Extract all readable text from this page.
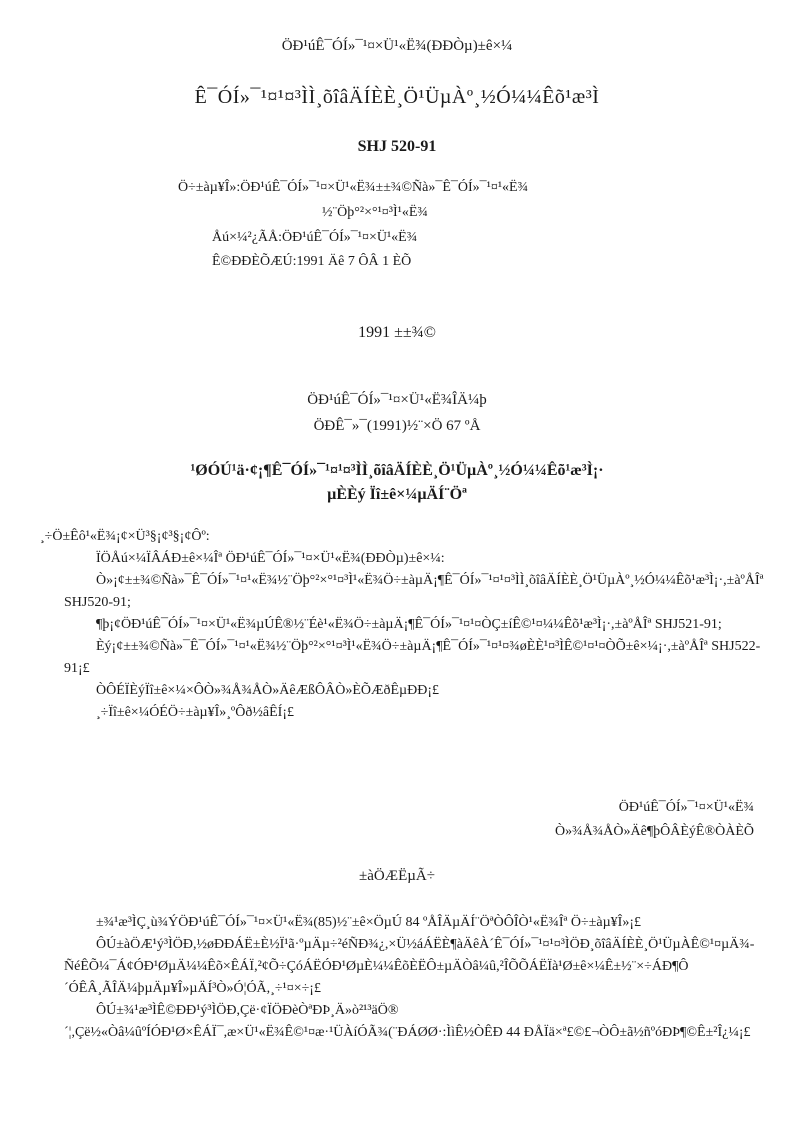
ÖÐ¹úÊ¯ÓÍ»¯¹¤×Ü¹«Ë¾(ÐÐÒµ)±ê×¼
Ê¯ÓÍ»¯¹¤¹¤³ÌÌ¸õîâÄÍÈÈ¸Ö¹ÜµÀº¸½Ó¼¼Êõ¹æ³Ì
SHJ 520-91
Ö÷±àµ¥Î»:ÖÐ¹úÊ¯ÓÍ»¯¹¤×Ü¹«Ë¾±±¾©Ñà»¯Ê¯ÓÍ»¯¹¤¹«Ë¾
½¨Öþ°²×°¹¤³Ì¹«Ë¾
Åú×¼²¿ÃÅ:ÖÐ¹úÊ¯ÓÍ»¯¹¤×Ü¹«Ë¾
Ê©ÐÐÈÕÆÚ:1991 Äê 7 ÔÂ 1 ÈÕ
1991 ±±¾©
ÖÐ¹úÊ¯ÓÍ»¯¹¤×Ü¹«Ë¾ÎÄ¼þ
ÖÐÊ¯»¯(1991)½¨×Ö 67 ºÅ
¹ØÓÚ¹ä·¢¡¶Ê¯ÓÍ»¯¹¤¹¤³ÌÌ¸õîâÄÍÈÈ¸Ö¹ÜµÀº¸½Ó¼¼Êõ¹æ³Ì¡·
µÈÈý Ïî±ê×¼µÄÍ¨Öª

¸÷Ö±Êô¹«Ë¾¡¢×Ü³§¡¢³§¡¢Ôº:

ÏÖÅú×¼ÏÂÁÐ±ê×¼Îª ÖÐ¹úÊ¯ÓÍ»¯¹¤×Ü¹«Ë¾(ÐÐÒµ)±ê×¼:

Ò»¡¢±±¾©Ñà»¯Ê¯ÓÍ»¯¹¤¹«Ë¾½¨Öþ°²×°¹¤³Ì¹«Ë¾Ö÷±àµÄ¡¶Ê¯ÓÍ»¯¹¤¹¤³ÌÌ¸õîâÄÍÈÈ¸Ö¹ÜµÀº¸½Ó¼¼Êõ¹æ³Ì¡·,±àºÅÎª SHJ520-91;

¶þ¡¢ÖÐ¹úÊ¯ÓÍ»¯¹¤×Ü¹«Ë¾µÚÊ®½¨Éè¹«Ë¾Ö÷±àµÄ¡¶Ê¯ÓÍ»¯¹¤¹¤ÒÇ±íÊ©¹¤¼¼Êõ¹æ³Ì¡·,±àºÅÎª SHJ521-91;

Èý¡¢±±¾©Ñà»¯Ê¯ÓÍ»¯¹¤¹«Ë¾½¨Öþ°²×°¹¤³Ì¹«Ë¾Ö÷±àµÄ¡¶Ê¯ÓÍ»¯¹¤¹¤¾øÈÈ¹¤³ÌÊ©¹¤¹¤ÒÕ±ê×¼¡·,±àºÅÎª SHJ522-91¡£

ÒÔÉÏÈýÏî±ê×¼×ÔÒ»¾Å¾ÅÒ»ÄêÆßÔÂÒ»ÈÕÆðÊµÐÐ¡£

¸÷Ïî±ê×¼ÓÉÖ÷±àµ¥Î»¸ºÔð½âÊÍ¡£

ÖÐ¹úÊ¯ÓÍ»¯¹¤×Ü¹«Ë¾
Ò»¾Å¾ÅÒ»Äê¶þÔÂÈýÊ®ÒÀÈÕ
±àÖÆËµÃ÷

±¾¹æ³ÌÇ¸ù¾ÝÖÐ¹úÊ¯ÓÍ»¯¹¤×Ü¹«Ë¾(85)½¨±ê×ÖµÚ 84 ºÅÎÄµÄÍ¨ÖªÒÔÎÒ¹«Ë¾Îª Ö÷±àµ¥Î»¡£

ÔÚ±àÖÆ¹ý³ÌÖÐ,½øÐÐÁË±È½Ï¹ã·ºµÄµ÷²éÑÐ¾¿,×Ü½áÁËÈ¶àÄêÀ´Ê¯ÓÍ»¯¹¤¹¤³ÌÖÐ¸õîâÄÍÈÈ¸Ö¹ÜµÀÊ©¹¤µÄ¾ÑéÊÕ¼¯Á¢ÓÐ¹ØµÄ¼¼Êõ×ÊÁÏ,²¢Õ÷ÇóÁËÓÐ¹ØµÈ¼¼ÊõÈËÔ±µÄÒâ¼û,²ÎÕÕÁËÏà¹Ø±ê×¼Ê±½¨×÷ÁÐ¶Ô´ÓÊÂ¸ÃÎÄ¼þµÄµ¥Î»µÄÍ³Ò»Ó¦ÓÃ,¸÷¹¤×÷¡£

ÔÚ±¾¹æ³ÌÊ©ÐÐ¹ý³ÌÖÐ,Çë·¢ÏÖÐèÒªÐÞ¸Ä»ò²¹³äÖ®´¦,Çë½«Òâ¼ûºÍÓÐ¹Ø×ÊÁÏ¯,æ×Ü¹«Ë¾Ê©¹¤æ·¹ÜÀíÓÃ¾(¨ÐÁØØ·:ÌìÊ½ÒÊÐ 44 ÐÅÏä×ª£©£¬ÒÔ±ã½ñºóÐÞ¶©Ê±²Î¿¼¡£
